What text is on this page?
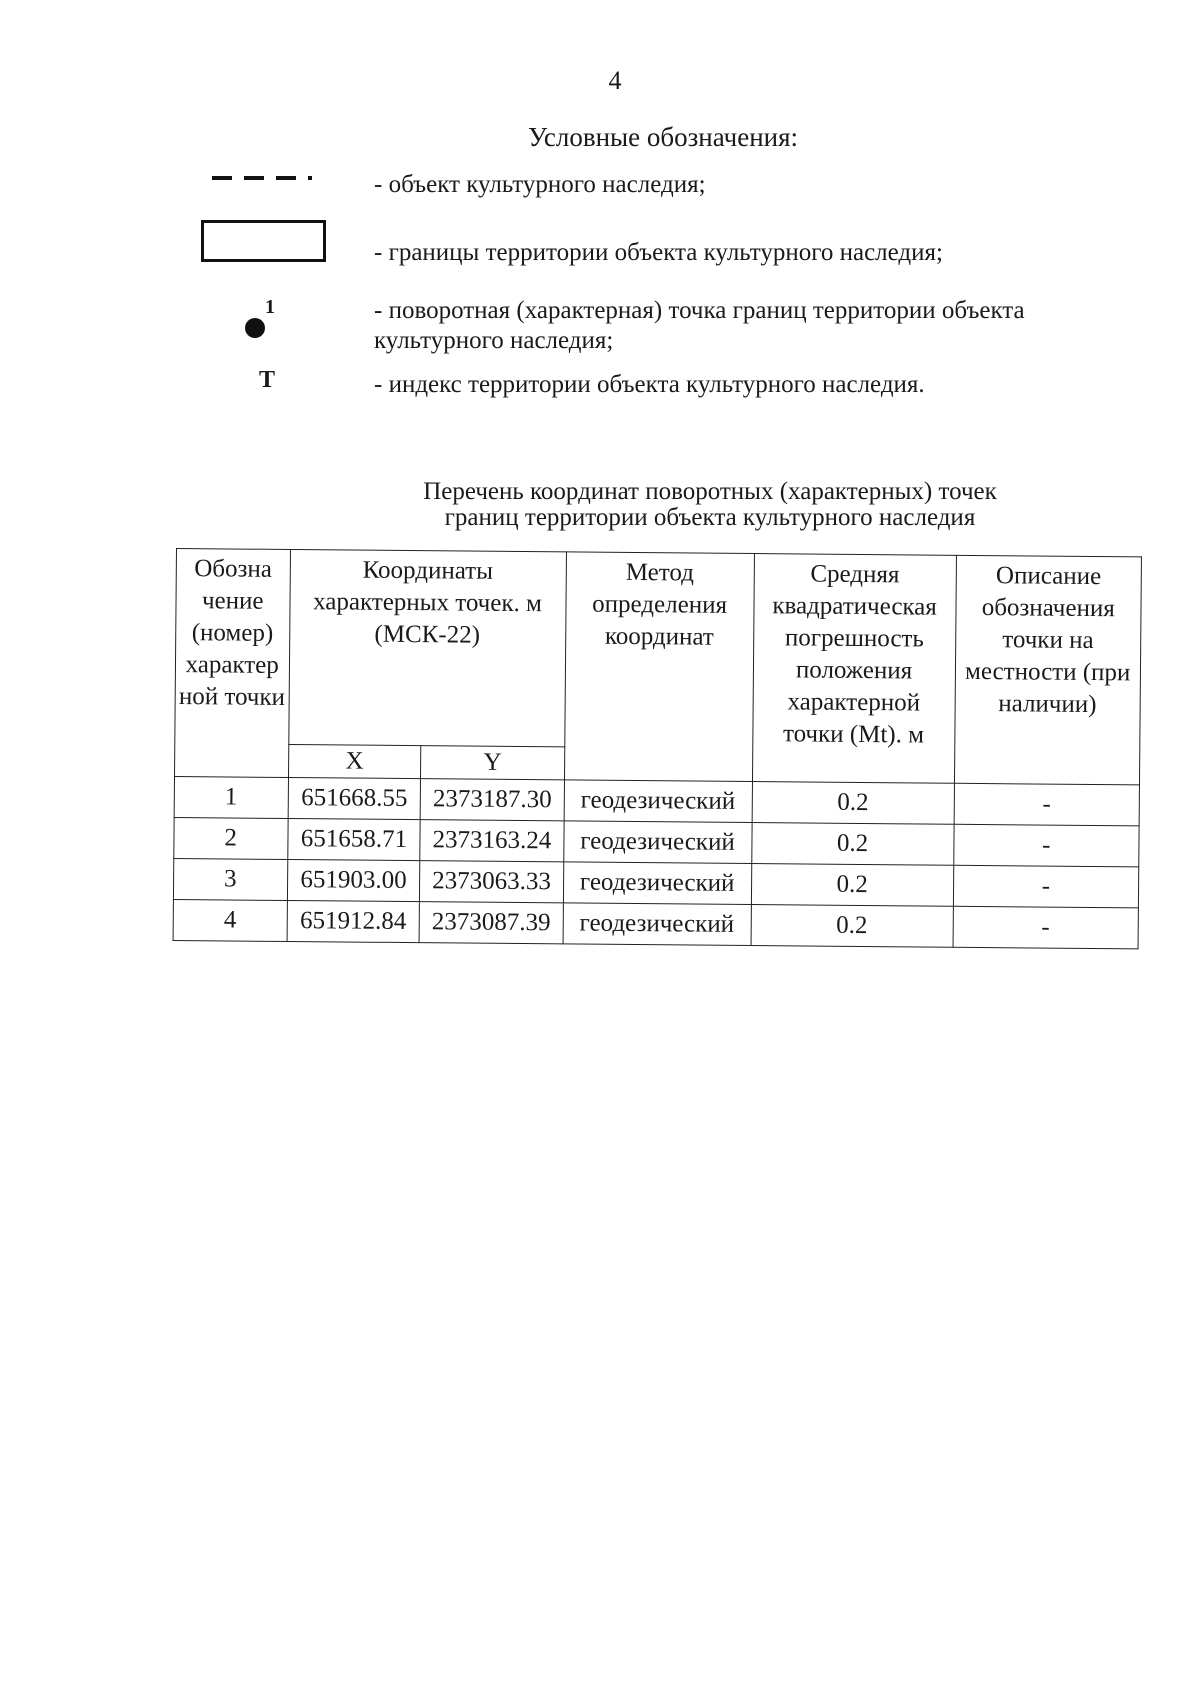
4
Условные обозначения:
- объект культурного наследия;
- границы территории объекта культурного наследия;
1	- поворотная (характерная) точка границ территории объекта культурного наследия;
Т	- индекс территории объекта культурного наследия.
Перечень координат поворотных (характерных) точек
границ территории объекта культурного наследия
Обозна чение (номер) характер ной точки	Координаты характерных точек. м (МСК-22)		Метод определения координат	Средняя квадратическая погрешность положения характерной точки (Mt). м	Описание обозначения точки на местности (при наличии)
	X	Y			
1	651668.55	2373187.30	геодезический	0.2	-
2	651658.71	2373163.24	геодезический	0.2	-
3	651903.00	2373063.33	геодезический	0.2	-
4	651912.84	2373087.39	геодезический	0.2	-
